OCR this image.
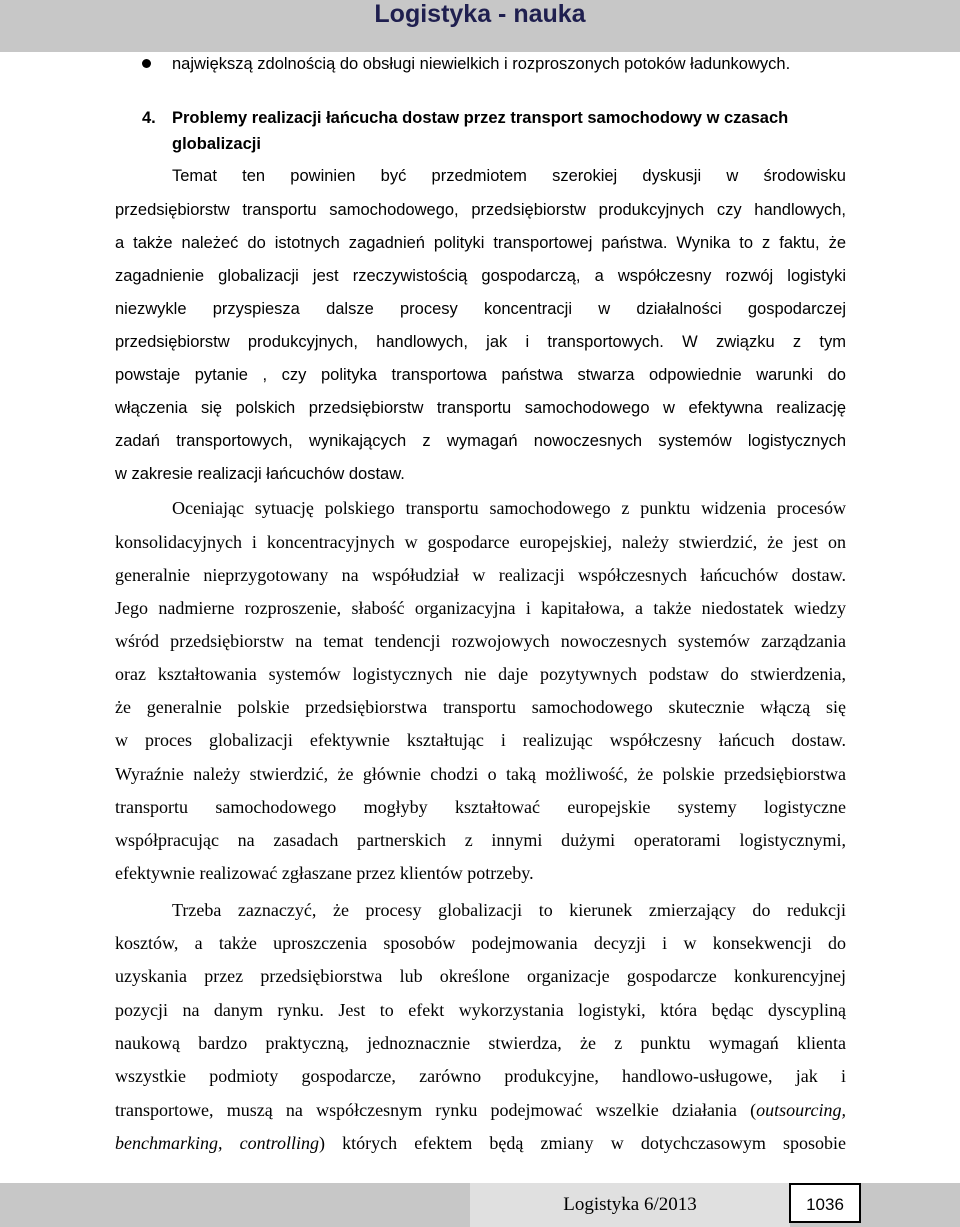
Logistyka - nauka
największą zdolnością do obsługi niewielkich i rozproszonych potoków ładunkowych.
4. Problemy realizacji łańcucha dostaw przez transport samochodowy w czasach
globalizacji
Temat ten powinien być przedmiotem szerokiej dyskusji w środowisku
przedsiębiorstw transportu samochodowego, przedsiębiorstw produkcyjnych czy handlowych,
a także należeć do istotnych zagadnień polityki transportowej państwa. Wynika to z faktu, że
zagadnienie globalizacji jest rzeczywistością gospodarczą, a współczesny rozwój logistyki
niezwykle przyspiesza dalsze procesy koncentracji w działalności gospodarczej
przedsiębiorstw produkcyjnych, handlowych, jak i transportowych. W związku z tym
powstaje pytanie , czy polityka transportowa państwa stwarza odpowiednie warunki do
włączenia się polskich przedsiębiorstw transportu samochodowego w efektywna realizację
zadań transportowych, wynikających z wymagań nowoczesnych systemów logistycznych
w zakresie realizacji łańcuchów dostaw.
Oceniając sytuację polskiego transportu samochodowego z punktu widzenia procesów
konsolidacyjnych i koncentracyjnych w gospodarce europejskiej, należy stwierdzić, że jest on
generalnie nieprzygotowany na współudział w realizacji współczesnych łańcuchów dostaw.
Jego nadmierne rozproszenie, słabość organizacyjna i kapitałowa, a także niedostatek wiedzy
wśród przedsiębiorstw na temat tendencji rozwojowych nowoczesnych systemów zarządzania
oraz kształtowania systemów logistycznych nie daje pozytywnych podstaw do stwierdzenia,
że generalnie polskie przedsiębiorstwa transportu samochodowego skutecznie włączą się
w proces globalizacji efektywnie kształtując i realizując współczesny łańcuch dostaw.
Wyraźnie należy stwierdzić, że głównie chodzi o taką możliwość, że polskie przedsiębiorstwa
transportu samochodowego mogłyby kształtować europejskie systemy logistyczne
współpracując na zasadach partnerskich z innymi dużymi operatorami logistycznymi,
efektywnie realizować zgłaszane przez klientów potrzeby.
Trzeba zaznaczyć, że procesy globalizacji to kierunek zmierzający do redukcji
kosztów, a także uproszczenia sposobów podejmowania decyzji i w konsekwencji do
uzyskania przez przedsiębiorstwa lub określone organizacje gospodarcze konkurencyjnej
pozycji na danym rynku. Jest to efekt wykorzystania logistyki, która będąc dyscypliną
naukową bardzo praktyczną, jednoznacznie stwierdza, że z punktu wymagań klienta
wszystkie podmioty gospodarcze, zarówno produkcyjne, handlowo-usługowe, jak i
transportowe, muszą na współczesnym rynku podejmować wszelkie działania (outsourcing,
benchmarking, controlling) których efektem będą zmiany w dotychczasowym sposobie
Logistyka 6/2013	1036
